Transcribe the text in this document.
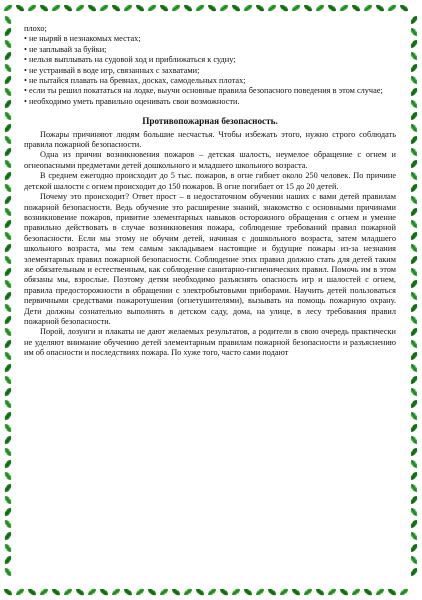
плохо;

• не ныряй в незнакомых местах;
• не заплывай за буйки;
• нельзя выплывать на судовой ход и приближаться к судну;
• не устраивай в воде игр, связанных с захватами;
• не пытайся плавать на бревнах, досках, самодельных плотах;
• если ты решил покататься на лодке, выучи основные правила безопасного поведения в этом случае;
• необходимо уметь правильно оценивать свои возможности.

Противопожарная безопасность.

Пожары причиняют людям большие несчастья. Чтобы избежать этого, нужно строго соблюдать правила пожарной безопасности.

Одна из причин возникновения пожаров – детская шалость, неумелое обращение с огнем и огнеопасными предметами детей дошкольного и младшего школьного возраста.

В среднем ежегодно происходит до 5 тыс. пожаров, в огне гибнет около 250 человек. По причине детской шалости с огнем происходит до 150 пожаров. В огне погибает от 15 до 20 детей.

Почему это происходит? Ответ прост – в недостаточном обучении наших с вами детей правилам пожарной безопасности. Ведь обучение это расширение знаний, знакомство с основными причинами возникновение пожаров, привитие элементарных навыков осторожного обращения с огнем и умение правильно действовать в случае возникновения пожара, соблюдение требований правил пожарной безопасности. Если мы этому не обучим детей, начиная с дошкольного возраста, затем младшего школьного возраста, мы тем самым закладываем настоящие и будущие пожары из-за незнания элементарных правил пожарной безопасности. Соблюдение этих правил должно стать для детей таким же обязательным и естественным, как соблюдение санитарно-гигиенических правил. Помочь им в этом обязаны мы, взрослые. Поэтому детям необходимо разъяснять опасность игр и шалостей с огнем, правила предосторожности в обращении с электробытовыми приборами. Научить детей пользоваться первичными средствами пожаротушения (огнетушителями), вызывать на помощь пожарную охрану. Дети должны сознательно выполнять в детском саду, дома, на улице, в лесу требования правил пожарной безопасности.

Порой, лозунги и плакаты не дают желаемых результатов, а родители в свою очередь практически не уделяют внимание обучению детей элементарным правилам пожарной безопасности и разъяснению им об опасности и последствиях пожара. По хуже того, часто сами подают
